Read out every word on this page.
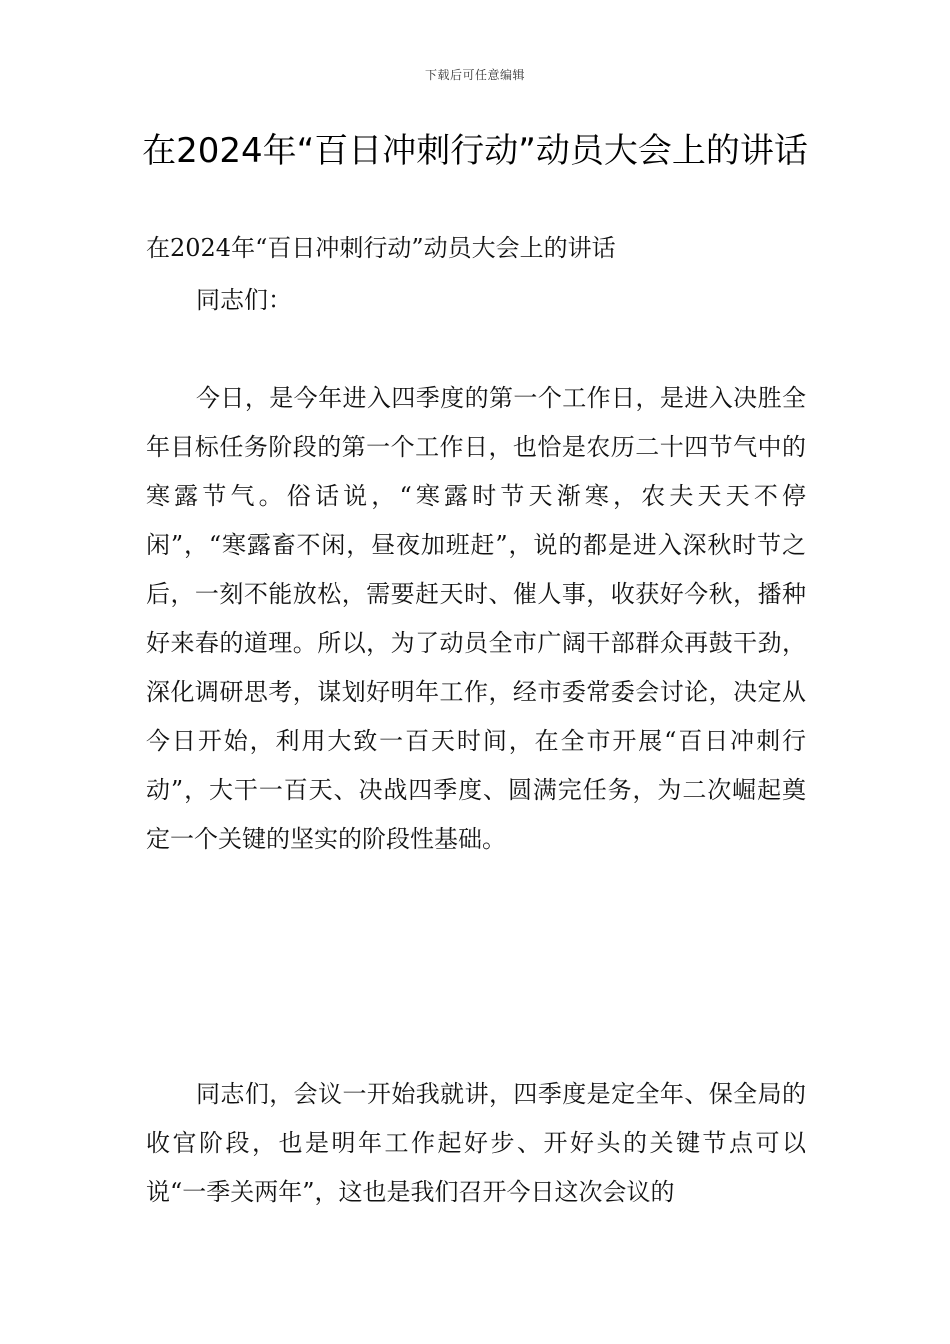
下载后可任意编辑
在2024年“百日冲刺行动”动员大会上的讲话
在2024年“百日冲刺行动”动员大会上的讲话
同志们：

今日，是今年进入四季度的第一个工作日，是进入决胜全年目标任务阶段的第一个工作日，也恰是农历二十四节气中的寒露节气。俗话说，“寒露时节天渐寒，农夫天天不停闲”，“寒露畜不闲，昼夜加班赶”，说的都是进入深秋时节之后，一刻不能放松，需要赶天时、催人事，收获好今秋，播种好来春的道理。所以，为了动员全市广阔干部群众再鼓干劲，深化调研思考，谋划好明年工作，经市委常委会讨论，决定从今日开始，利用大致一百天时间，在全市开展“百日冲刺行动”，大干一百天、决战四季度、圆满完任务，为二次崛起奠定一个关键的坚实的阶段性基础。

同志们，会议一开始我就讲，四季度是定全年、保全局的收官阶段，也是明年工作起好步、开好头的关键节点可以说“一季关两年”，这也是我们召开今日这次会议的
